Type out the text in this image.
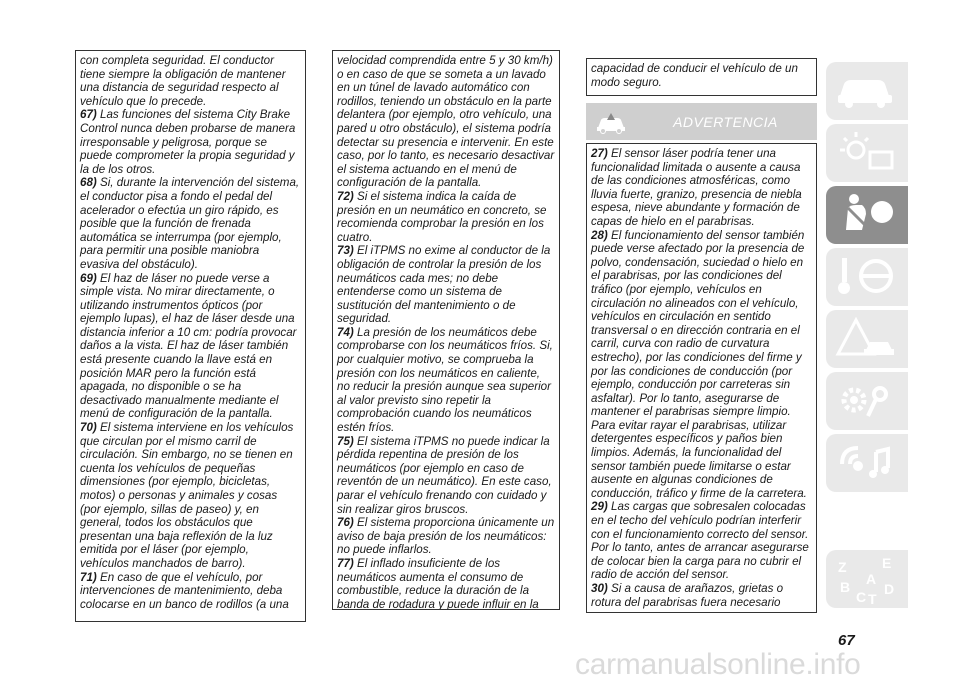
con completa seguridad. El conductor tiene siempre la obligación de mantener una distancia de seguridad respecto al vehículo que lo precede.

67) Las funciones del sistema City Brake Control nunca deben probarse de manera irresponsable y peligrosa, porque se puede comprometer la propia seguridad y la de los otros.

68) Si, durante la intervención del sistema, el conductor pisa a fondo el pedal del acelerador o efectúa un giro rápido, es posible que la función de frenada automática se interrumpa (por ejemplo, para permitir una posible maniobra evasiva del obstáculo).

69) El haz de láser no puede verse a simple vista. No mirar directamente, o utilizando instrumentos ópticos (por ejemplo lupas), el haz de láser desde una distancia inferior a 10 cm: podría provocar daños a la vista. El haz de láser también está presente cuando la llave está en posición MAR pero la función está apagada, no disponible o se ha desactivado manualmente mediante el menú de configuración de la pantalla.

70) El sistema interviene en los vehículos que circulan por el mismo carril de circulación. Sin embargo, no se tienen en cuenta los vehículos de pequeñas dimensiones (por ejemplo, bicicletas, motos) o personas y animales y cosas (por ejemplo, sillas de paseo) y, en general, todos los obstáculos que presentan una baja reflexión de la luz emitida por el láser (por ejemplo, vehículos manchados de barro).

71) En caso de que el vehículo, por intervenciones de mantenimiento, deba colocarse en un banco de rodillos (a una

velocidad comprendida entre 5 y 30 km/h) o en caso de que se someta a un lavado en un túnel de lavado automático con rodillos, teniendo un obstáculo en la parte delantera (por ejemplo, otro vehículo, una pared u otro obstáculo), el sistema podría detectar su presencia e intervenir. En este caso, por lo tanto, es necesario desactivar el sistema actuando en el menú de configuración de la pantalla.

72) Si el sistema indica la caída de presión en un neumático en concreto, se recomienda comprobar la presión en los cuatro.

73) El iTPMS no exime al conductor de la obligación de controlar la presión de los neumáticos cada mes; no debe entenderse como un sistema de sustitución del mantenimiento o de seguridad.

74) La presión de los neumáticos debe comprobarse con los neumáticos fríos. Si, por cualquier motivo, se comprueba la presión con los neumáticos en caliente, no reducir la presión aunque sea superior al valor previsto sino repetir la comprobación cuando los neumáticos estén fríos.

75) El sistema iTPMS no puede indicar la pérdida repentina de presión de los neumáticos (por ejemplo en caso de reventón de un neumático). En este caso, parar el vehículo frenando con cuidado y sin realizar giros bruscos.

76) El sistema proporciona únicamente un aviso de baja presión de los neumáticos: no puede inflarlos.

77) El inflado insuficiente de los neumáticos aumenta el consumo de combustible, reduce la duración de la banda de rodadura y puede influir en la

capacidad de conducir el vehículo de un modo seguro.

ADVERTENCIA

27) El sensor láser podría tener una funcionalidad limitada o ausente a causa de las condiciones atmosféricas, como lluvia fuerte, granizo, presencia de niebla espesa, nieve abundante y formación de capas de hielo en el parabrisas.

28) El funcionamiento del sensor también puede verse afectado por la presencia de polvo, condensación, suciedad o hielo en el parabrisas, por las condiciones del tráfico (por ejemplo, vehículos en circulación no alineados con el vehículo, vehículos en circulación en sentido transversal o en dirección contraria en el carril, curva con radio de curvatura estrecho), por las condiciones del firme y por las condiciones de conducción (por ejemplo, conducción por carreteras sin asfaltar). Por lo tanto, asegurarse de mantener el parabrisas siempre limpio. Para evitar rayar el parabrisas, utilizar detergentes específicos y paños bien limpios. Además, la funcionalidad del sensor también puede limitarse o estar ausente en algunas condiciones de conducción, tráfico y firme de la carretera.

29) Las cargas que sobresalen colocadas en el techo del vehículo podrían interferir con el funcionamiento correcto del sensor. Por lo tanto, antes de arrancar asegurarse de colocar bien la carga para no cubrir el radio de acción del sensor.

30) Si a causa de arañazos, grietas o rotura del parabrisas fuera necesario

67
carmanualsonline.info
Z	E
B D
C T
A
